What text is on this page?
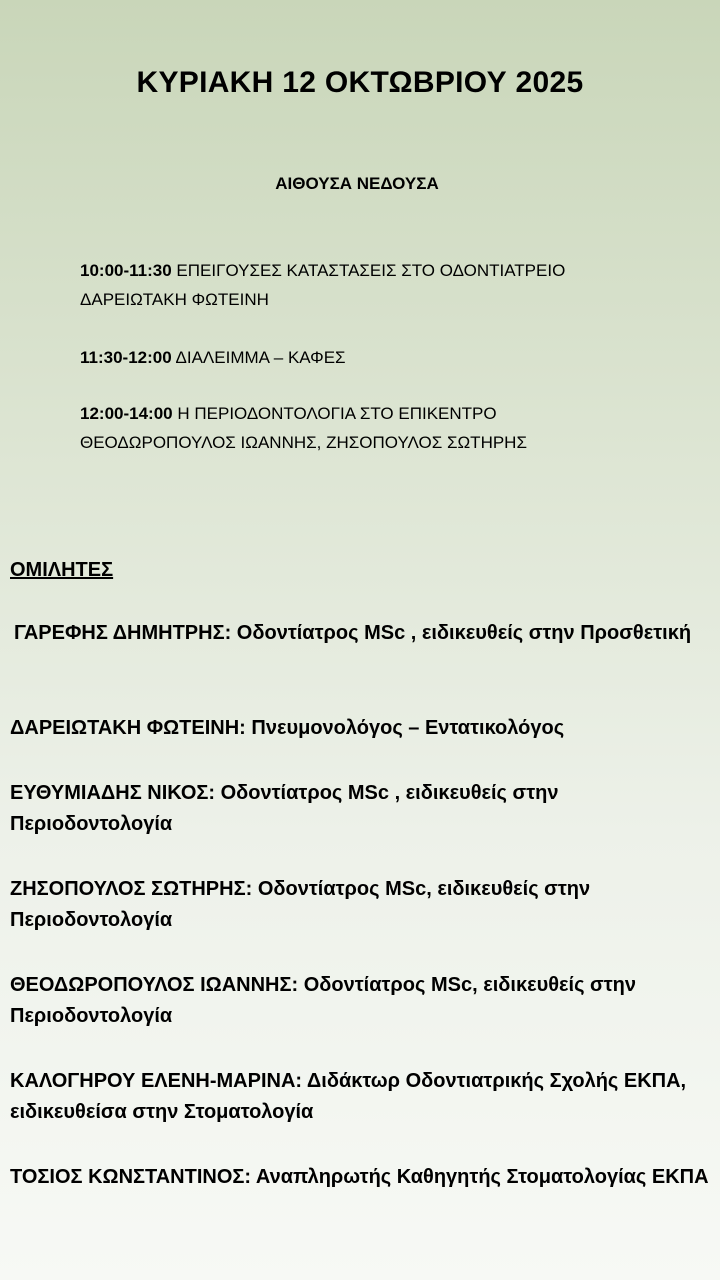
ΚΥΡΙΑΚΗ 12 ΟΚΤΩΒΡΙΟΥ 2025
ΑΙΘΟΥΣΑ ΝΕΔΟΥΣΑ
10:00-11:30 ΕΠΕΙΓΟΥΣΕΣ ΚΑΤΑΣΤΑΣΕΙΣ ΣΤΟ ΟΔΟΝΤΙΑΤΡΕΙΟ
ΔΑΡΕΙΩΤΑΚΗ ΦΩΤΕΙΝΗ
11:30-12:00 ΔΙΑΛΕΙΜΜΑ – ΚΑΦΕΣ
12:00-14:00 Η ΠΕΡΙΟΔΟΝΤΟΛΟΓΙΑ ΣΤΟ ΕΠΙΚΕΝΤΡΟ
ΘΕΟΔΩΡΟΠΟΥΛΟΣ ΙΩΑΝΝΗΣ, ΖΗΣΟΠΟΥΛΟΣ ΣΩΤΗΡΗΣ
ΟΜΙΛΗΤΕΣ
ΓΑΡΕΦΗΣ ΔΗΜΗΤΡΗΣ: Οδοντίατρος MSc , ειδικευθείς στην Προσθετική
ΔΑΡΕΙΩΤΑΚΗ ΦΩΤΕΙΝΗ: Πνευμονολόγος – Εντατικολόγος
ΕΥΘΥΜΙΑΔΗΣ ΝΙΚΟΣ: Οδοντίατρος MSc , ειδικευθείς στην Περιοδοντολογία
ΖΗΣΟΠΟΥΛΟΣ ΣΩΤΗΡΗΣ: Οδοντίατρος MSc, ειδικευθείς στην Περιοδοντολογία
ΘΕΟΔΩΡΟΠΟΥΛΟΣ ΙΩΑΝΝΗΣ: Οδοντίατρος MSc, ειδικευθείς στην Περιοδοντολογία
ΚΑΛΟΓΗΡΟΥ ΕΛΕΝΗ-ΜΑΡΙΝΑ: Διδάκτωρ Οδοντιατρικής Σχολής ΕΚΠΑ, ειδικευθείσα στην Στοματολογία
ΤΟΣΙΟΣ ΚΩΝΣΤΑΝΤΙΝΟΣ: Αναπληρωτής Καθηγητής Στοματολογίας ΕΚΠΑ
